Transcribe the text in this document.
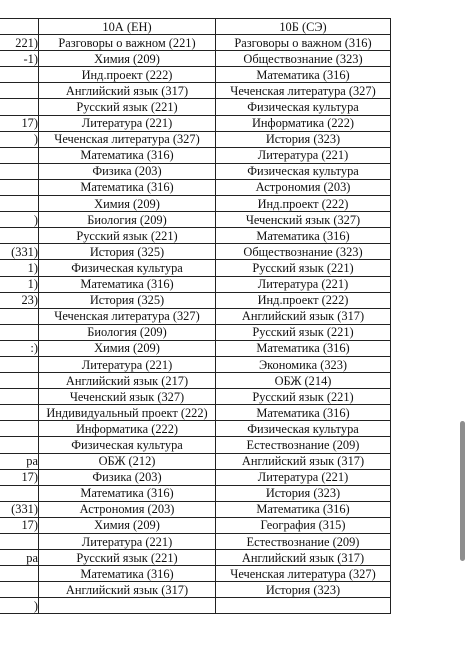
	10А (ЕН)	10Б (СЭ)
221)	Разговоры о важном (221)	Разговоры о важном (316)
-1)	Химия (209)	Обществознание (323)
	Инд.проект (222)	Математика (316)
	Английский язык (317)	Чеченская литература (327)
	Русский язык (221)	Физическая культура
17)	Литература (221)	Информатика (222)
)	Чеченская литература (327)	История (323)
	Математика (316)	Литература (221)
	Физика (203)	Физическая культура
	Математика (316)	Астрономия (203)
	Химия (209)	Инд.проект (222)
)	Биология (209)	Чеченский язык (327)
	Русский язык (221)	Математика (316)
(331)	История (325)	Обществознание (323)
1)	Физическая культура	Русский язык (221)
1)	Математика (316)	Литература (221)
23)	История (325)	Инд.проект (222)
	Чеченская литература (327)	Английский язык (317)
	Биология (209)	Русский язык (221)
:)	Химия (209)	Математика (316)
	Литература (221)	Экономика (323)
	Английский язык (217)	ОБЖ (214)
	Чеченский язык (327)	Русский язык (221)
	Индивидуальный проект (222)	Математика (316)
	Информатика (222)	Физическая культура
	Физическая культура	Естествознание (209)
ра	ОБЖ (212)	Английский язык (317)
17)	Физика (203)	Литература (221)
	Математика (316)	История (323)
(331)	Астрономия (203)	Математика (316)
17)	Химия (209)	География (315)
	Литература (221)	Естествознание (209)
ра	Русский язык (221)	Английский язык (317)
	Математика (316)	Чеченская литература (327)
	Английский язык (317)	История (323)
)		
